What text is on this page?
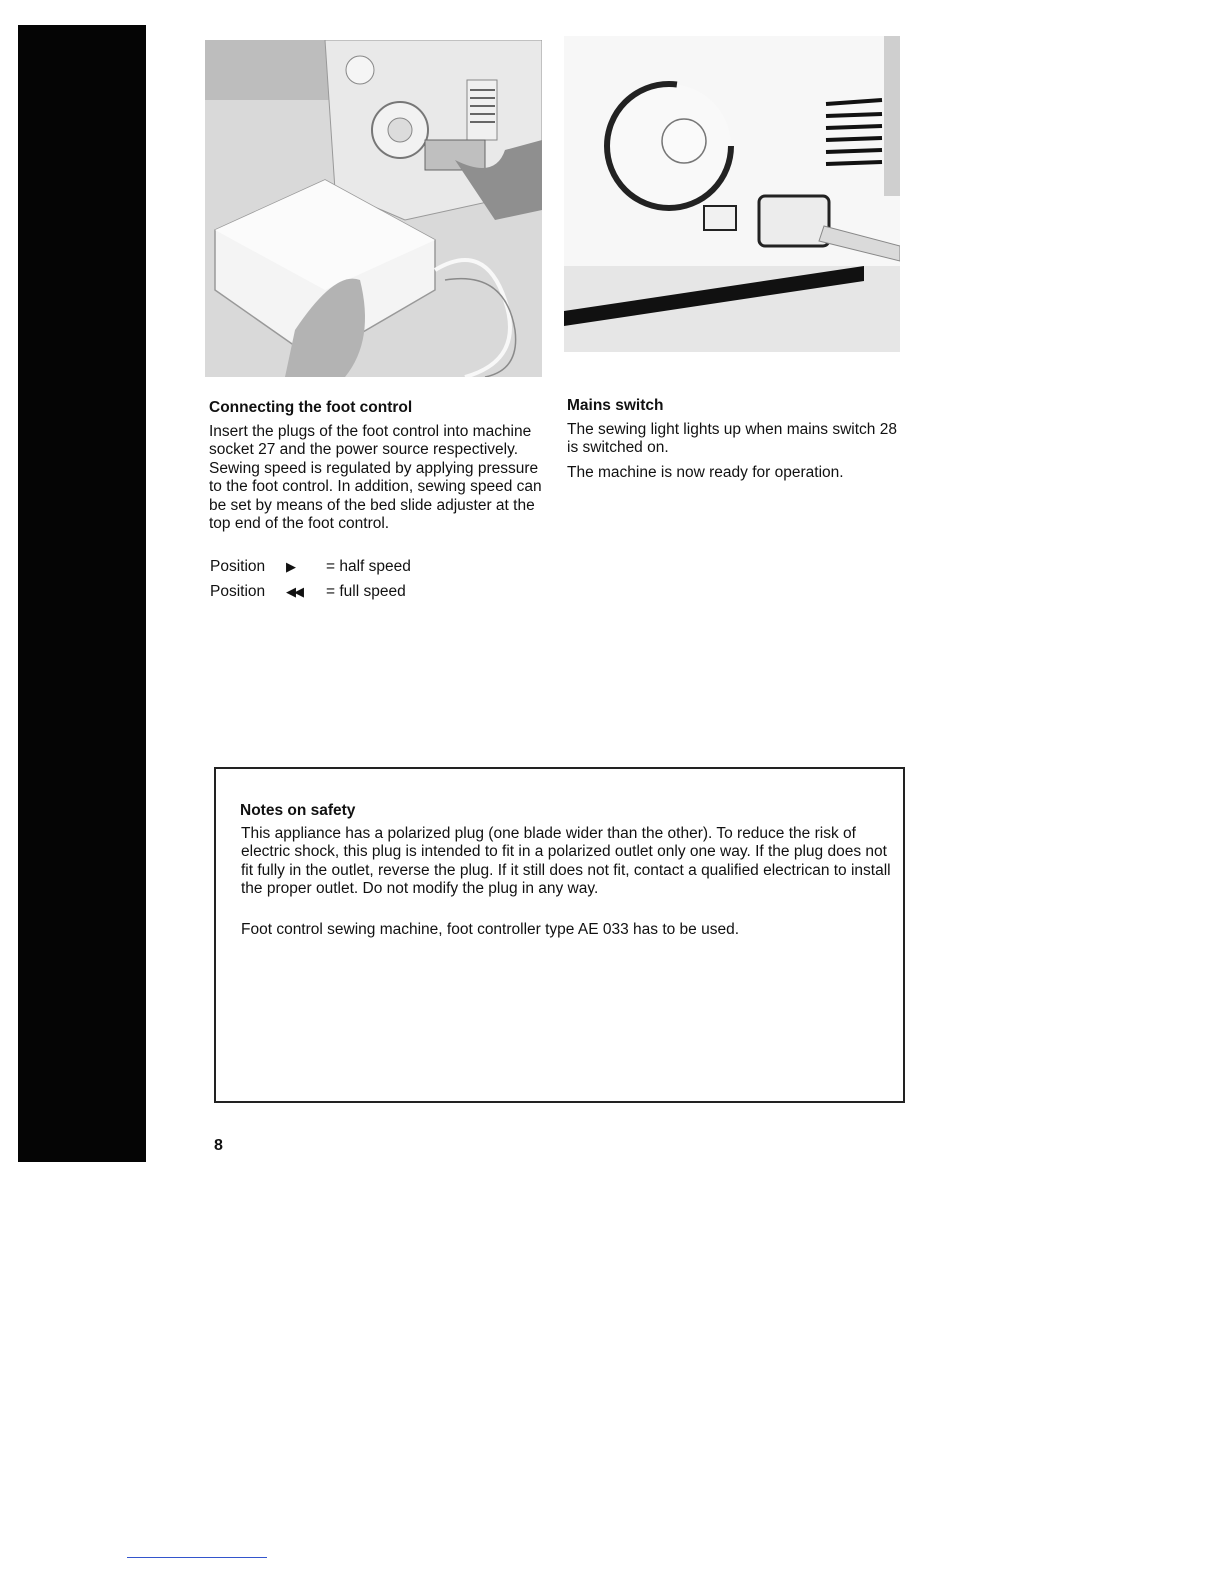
Connecting the foot control

Insert the plugs of the foot control into machine socket 27 and the power source respectively. Sewing speed is regulated by applying pressure to the foot control. In addition, sewing speed can be set by means of the bed slide adjuster at the top end of the foot control.

Position	▶	= half speed
Position	◀◀	= full speed
Mains switch

The sewing light lights up when mains switch 28 is switched on.

The machine is now ready for operation.

Notes on safety

This appliance has a polarized plug (one blade wider than the other). To reduce the risk of electric shock, this plug is intended to fit in a polarized outlet only one way. If the plug does not fit fully in the outlet, reverse the plug. If it still does not fit, contact a qualified electrican to install the proper outlet. Do not modify the plug in any way.

Foot control sewing machine, foot controller type AE 033 has to be used.

8
